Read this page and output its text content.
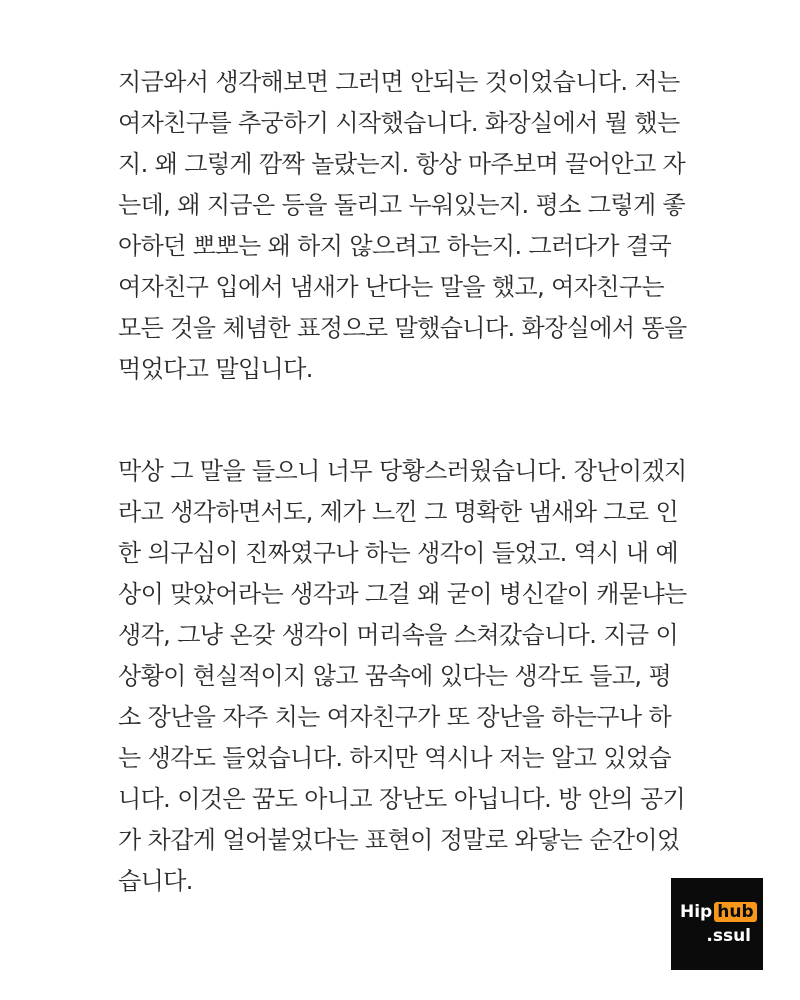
지금와서 생각해보면 그러면 안되는 것이었습니다. 저는
여자친구를 추궁하기 시작했습니다. 화장실에서 뭘 했는
지. 왜 그렇게 깜짝 놀랐는지. 항상 마주보며 끌어안고 자
는데, 왜 지금은 등을 돌리고 누워있는지. 평소 그렇게 좋
아하던 뽀뽀는 왜 하지 않으려고 하는지. 그러다가 결국
여자친구 입에서 냄새가 난다는 말을 했고, 여자친구는
모든 것을 체념한 표정으로 말했습니다. 화장실에서 똥을
먹었다고 말입니다.

막상 그 말을 들으니 너무 당황스러웠습니다. 장난이겠지
라고 생각하면서도, 제가 느낀 그 명확한 냄새와 그로 인
한 의구심이 진짜였구나 하는 생각이 들었고. 역시 내 예
상이 맞았어라는 생각과 그걸 왜 굳이 병신같이 캐묻냐는
생각, 그냥 온갖 생각이 머리속을 스쳐갔습니다. 지금 이
상황이 현실적이지 않고 꿈속에 있다는 생각도 들고, 평
소 장난을 자주 치는 여자친구가 또 장난을 하는구나 하
는 생각도 들었습니다. 하지만 역시나 저는 알고 있었습
니다. 이것은 꿈도 아니고 장난도 아닙니다. 방 안의 공기
가 차갑게 얼어붙었다는 표현이 정말로 와닿는 순간이었
습니다.

Hip hub
.ssul
